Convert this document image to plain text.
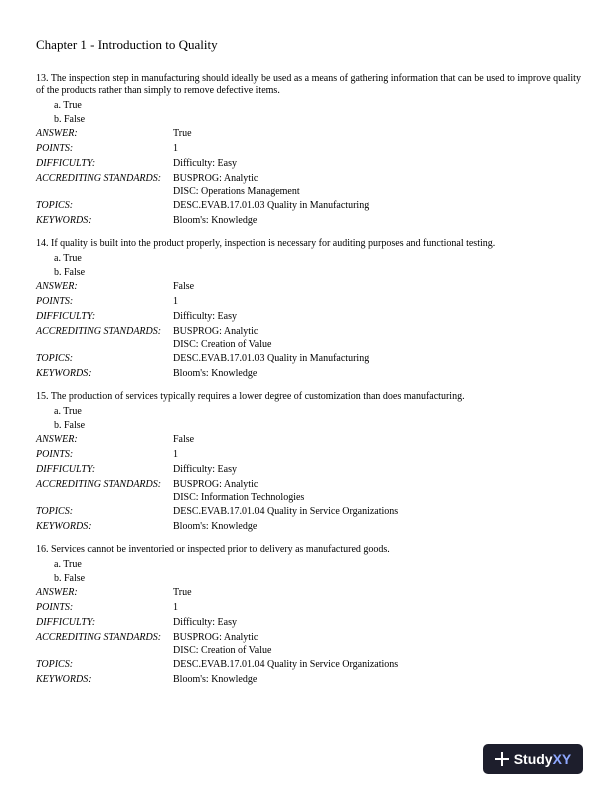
Chapter 1 - Introduction to Quality

13. The inspection step in manufacturing should ideally be used as a means of gathering information that can be used to improve quality of the products rather than simply to remove defective items.

a. True
b. False
ANSWER:	True
POINTS:	1
DIFFICULTY:	Difficulty: Easy
ACCREDITING STANDARDS:	BUSPROG: Analytic
DISC: Operations Management
TOPICS:	DESC.EVAB.17.01.03 Quality in Manufacturing
KEYWORDS:	Bloom's: Knowledge

14. If quality is built into the product properly, inspection is necessary for auditing purposes and functional testing.

a. True
b. False
ANSWER:	False
POINTS:	1
DIFFICULTY:	Difficulty: Easy
ACCREDITING STANDARDS:	BUSPROG: Analytic
DISC: Creation of Value
TOPICS:	DESC.EVAB.17.01.03 Quality in Manufacturing
KEYWORDS:	Bloom's: Knowledge

15. The production of services typically requires a lower degree of customization than does manufacturing.

a. True
b. False
ANSWER:	False
POINTS:	1
DIFFICULTY:	Difficulty: Easy
ACCREDITING STANDARDS:	BUSPROG: Analytic
DISC: Information Technologies
TOPICS:	DESC.EVAB.17.01.04 Quality in Service Organizations
KEYWORDS:	Bloom's: Knowledge

16. Services cannot be inventoried or inspected prior to delivery as manufactured goods.

a. True
b. False
ANSWER:	True
POINTS:	1
DIFFICULTY:	Difficulty: Easy
ACCREDITING STANDARDS:	BUSPROG: Analytic
DISC: Creation of Value
TOPICS:	DESC.EVAB.17.01.04 Quality in Service Organizations
KEYWORDS:	Bloom's: Knowledge
StudyXY
